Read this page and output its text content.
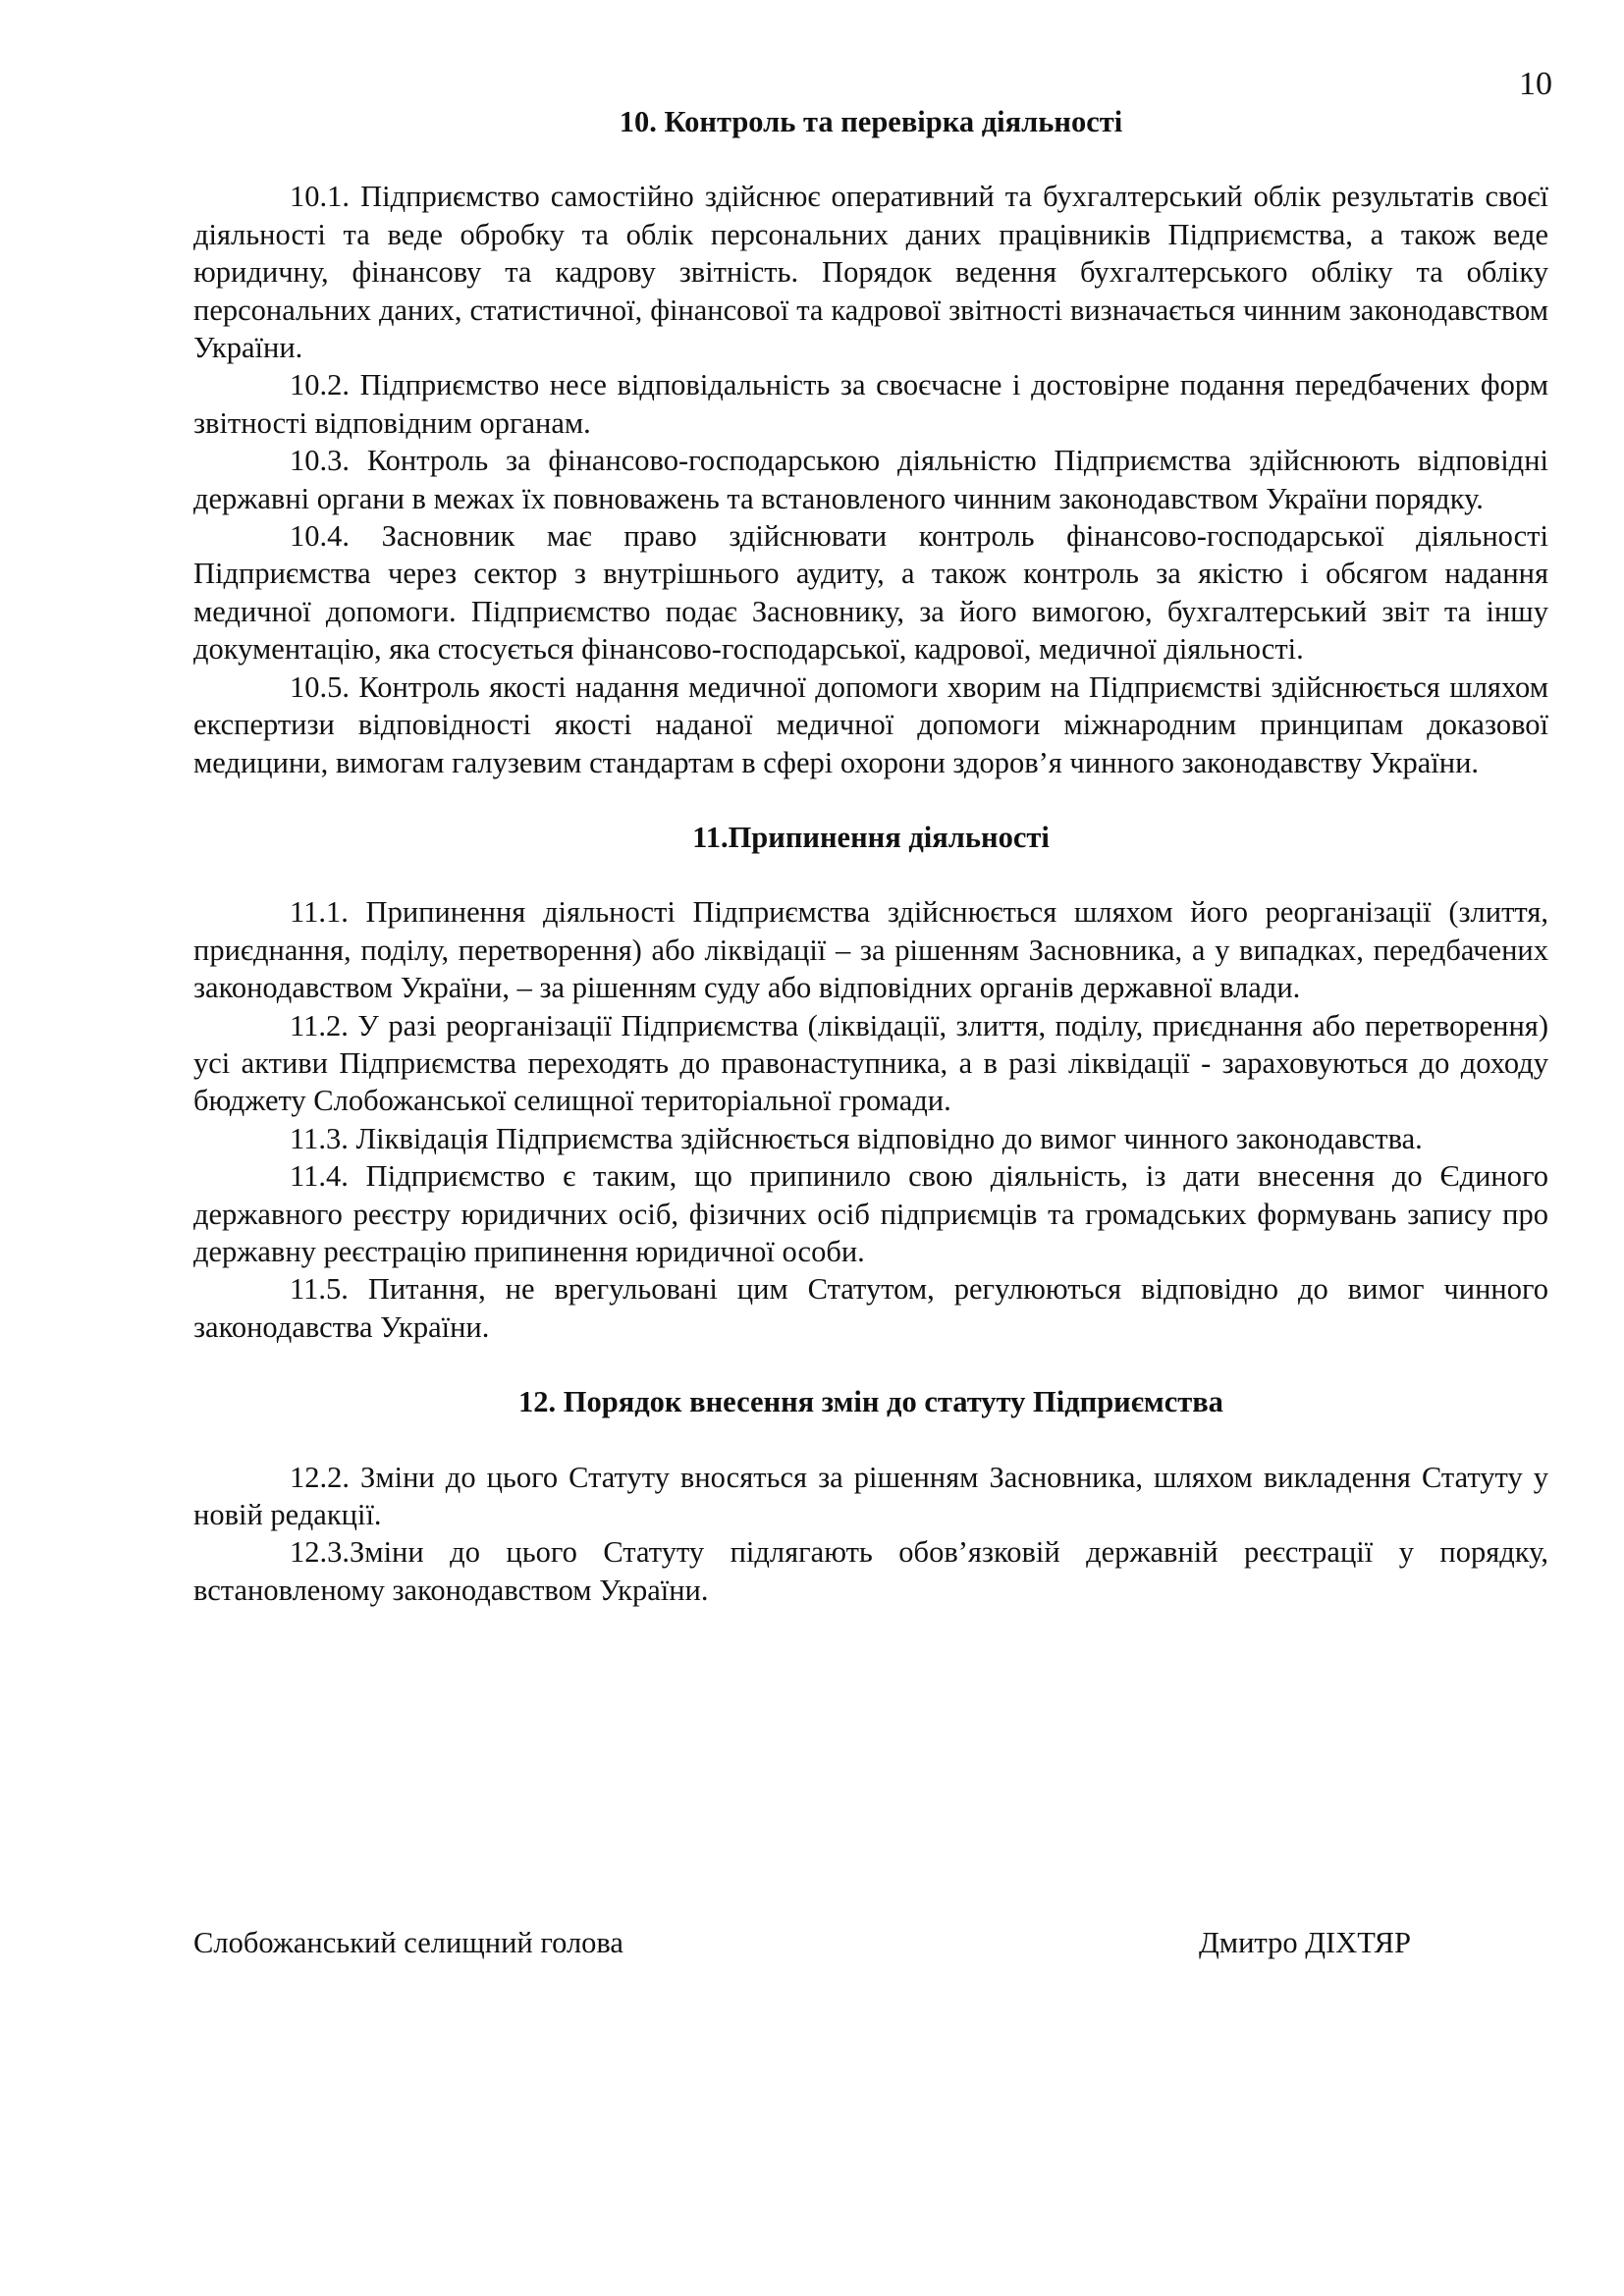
10
10. Контроль та перевірка діяльності

10.1. Підприємство самостійно здійснює оперативний та бухгалтерський облік результатів своєї діяльності та веде обробку та облік персональних даних працівників Підприємства, а також веде юридичну, фінансову та кадрову звітність. Порядок ведення бухгалтерського обліку та обліку персональних даних, статистичної, фінансової та кадрової звітності визначається чинним законодавством України.

10.2. Підприємство несе відповідальність за своєчасне і достовірне подання передбачених форм звітності відповідним органам.

10.3. Контроль за фінансово-господарською діяльністю Підприємства здійснюють відповідні державні органи в межах їх повноважень та встановленого чинним законодавством України порядку.

10.4. Засновник має право здійснювати контроль фінансово-господарської діяльності Підприємства через сектор з внутрішнього аудиту, а також контроль за якістю і обсягом надання медичної допомоги. Підприємство подає Засновнику, за його вимогою, бухгалтерський звіт та іншу документацію, яка стосується фінансово-господарської, кадрової, медичної діяльності.

10.5. Контроль якості надання медичної допомоги хворим на Підприємстві здійснюється шляхом експертизи відповідності якості наданої медичної допомоги міжнародним принципам доказової медицини, вимогам галузевим стандартам в сфері охорони здоров’я чинного законодавству України.

11.Припинення діяльності

11.1. Припинення діяльності Підприємства здійснюється шляхом його реорганізації (злиття, приєднання, поділу, перетворення) або ліквідації – за рішенням Засновника, а у випадках, передбачених законодавством України, – за рішенням суду або відповідних органів державної влади.

11.2. У разі реорганізації Підприємства (ліквідації, злиття, поділу, приєднання або перетворення) усі активи Підприємства переходять до правонаступника, а в разі ліквідації - зараховуються до доходу бюджету Слобожанської селищної територіальної громади.

11.3. Ліквідація Підприємства здійснюється відповідно до вимог чинного законодавства.

11.4. Підприємство є таким, що припинило свою діяльність, із дати внесення до Єдиного державного реєстру юридичних осіб, фізичних осіб підприємців та громадських формувань запису про державну реєстрацію припинення юридичної особи.

11.5. Питання, не врегульовані цим Статутом, регулюються відповідно до вимог чинного законодавства України.

12. Порядок внесення змін до статуту Підприємства

12.2. Зміни до цього Статуту вносяться за рішенням Засновника, шляхом викладення Статуту у новій редакції.

12.3.Зміни до цього Статуту підлягають обов’язковій державній реєстрації у порядку, встановленому законодавством України.

Слобожанський селищний голова	Дмитро ДІХТЯР
